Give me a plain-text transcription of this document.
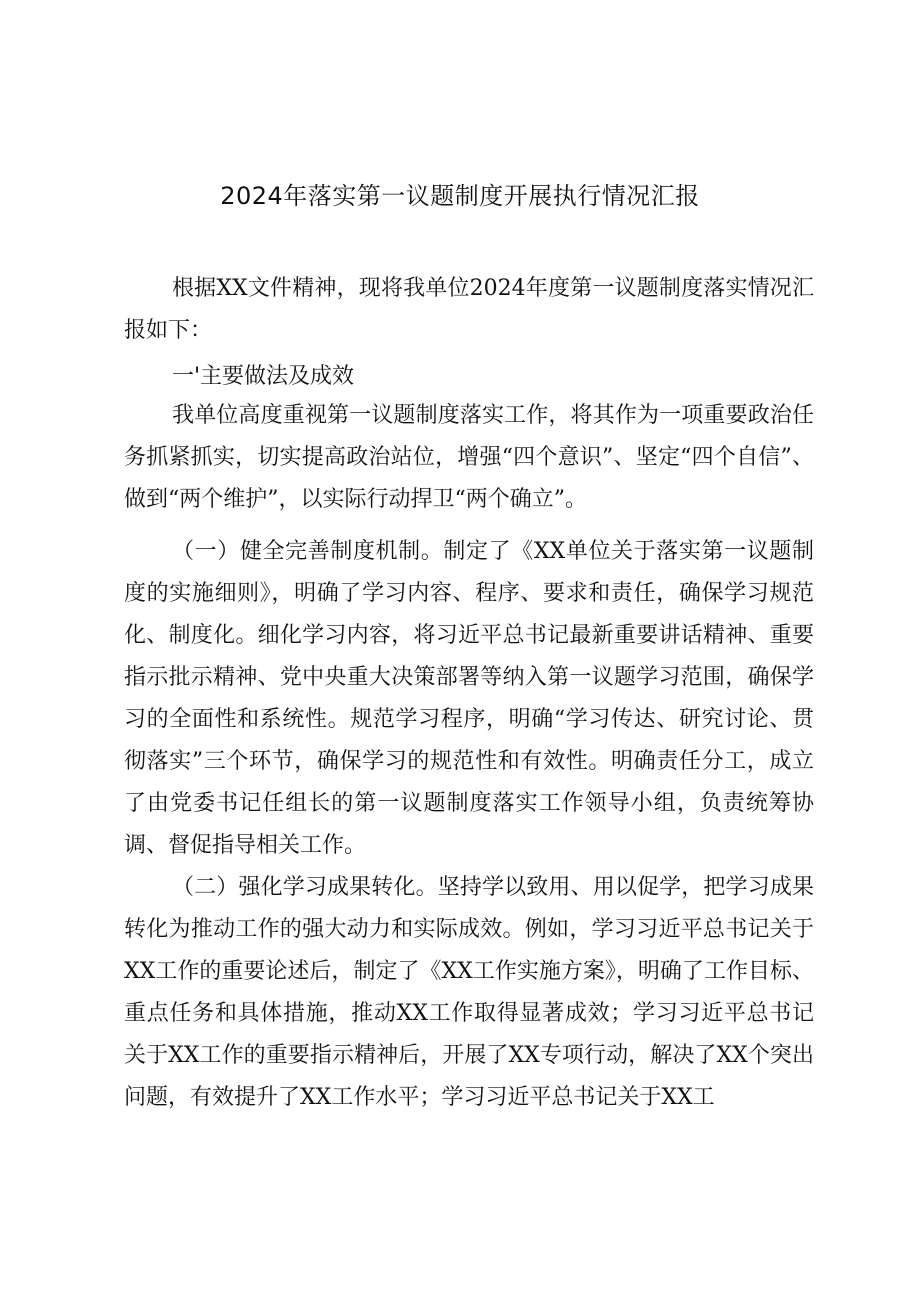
2024年落实第一议题制度开展执行情况汇报

根据XX文件精神，现将我单位2024年度第一议题制度落实情况汇报如下：

一'主要做法及成效

我单位高度重视第一议题制度落实工作，将其作为一项重要政治任务抓紧抓实，切实提高政治站位，增强“四个意识”、坚定“四个自信”、做到“两个维护”，以实际行动捍卫“两个确立”。

（一）健全完善制度机制。制定了《XX单位关于落实第一议题制度的实施细则》，明确了学习内容、程序、要求和责任，确保学习规范化、制度化。细化学习内容，将习近平总书记最新重要讲话精神、重要指示批示精神、党中央重大决策部署等纳入第一议题学习范围，确保学习的全面性和系统性。规范学习程序，明确“学习传达、研究讨论、贯彻落实”三个环节，确保学习的规范性和有效性。明确责任分工，成立了由党委书记任组长的第一议题制度落实工作领导小组，负责统筹协调、督促指导相关工作。

（二）强化学习成果转化。坚持学以致用、用以促学，把学习成果转化为推动工作的强大动力和实际成效。例如，学习习近平总书记关于XX工作的重要论述后，制定了《XX工作实施方案》，明确了工作目标、重点任务和具体措施，推动XX工作取得显著成效；学习习近平总书记关于XX工作的重要指示精神后，开展了XX专项行动，解决了XX个突出问题，有效提升了XX工作水平；学习习近平总书记关于XX工
